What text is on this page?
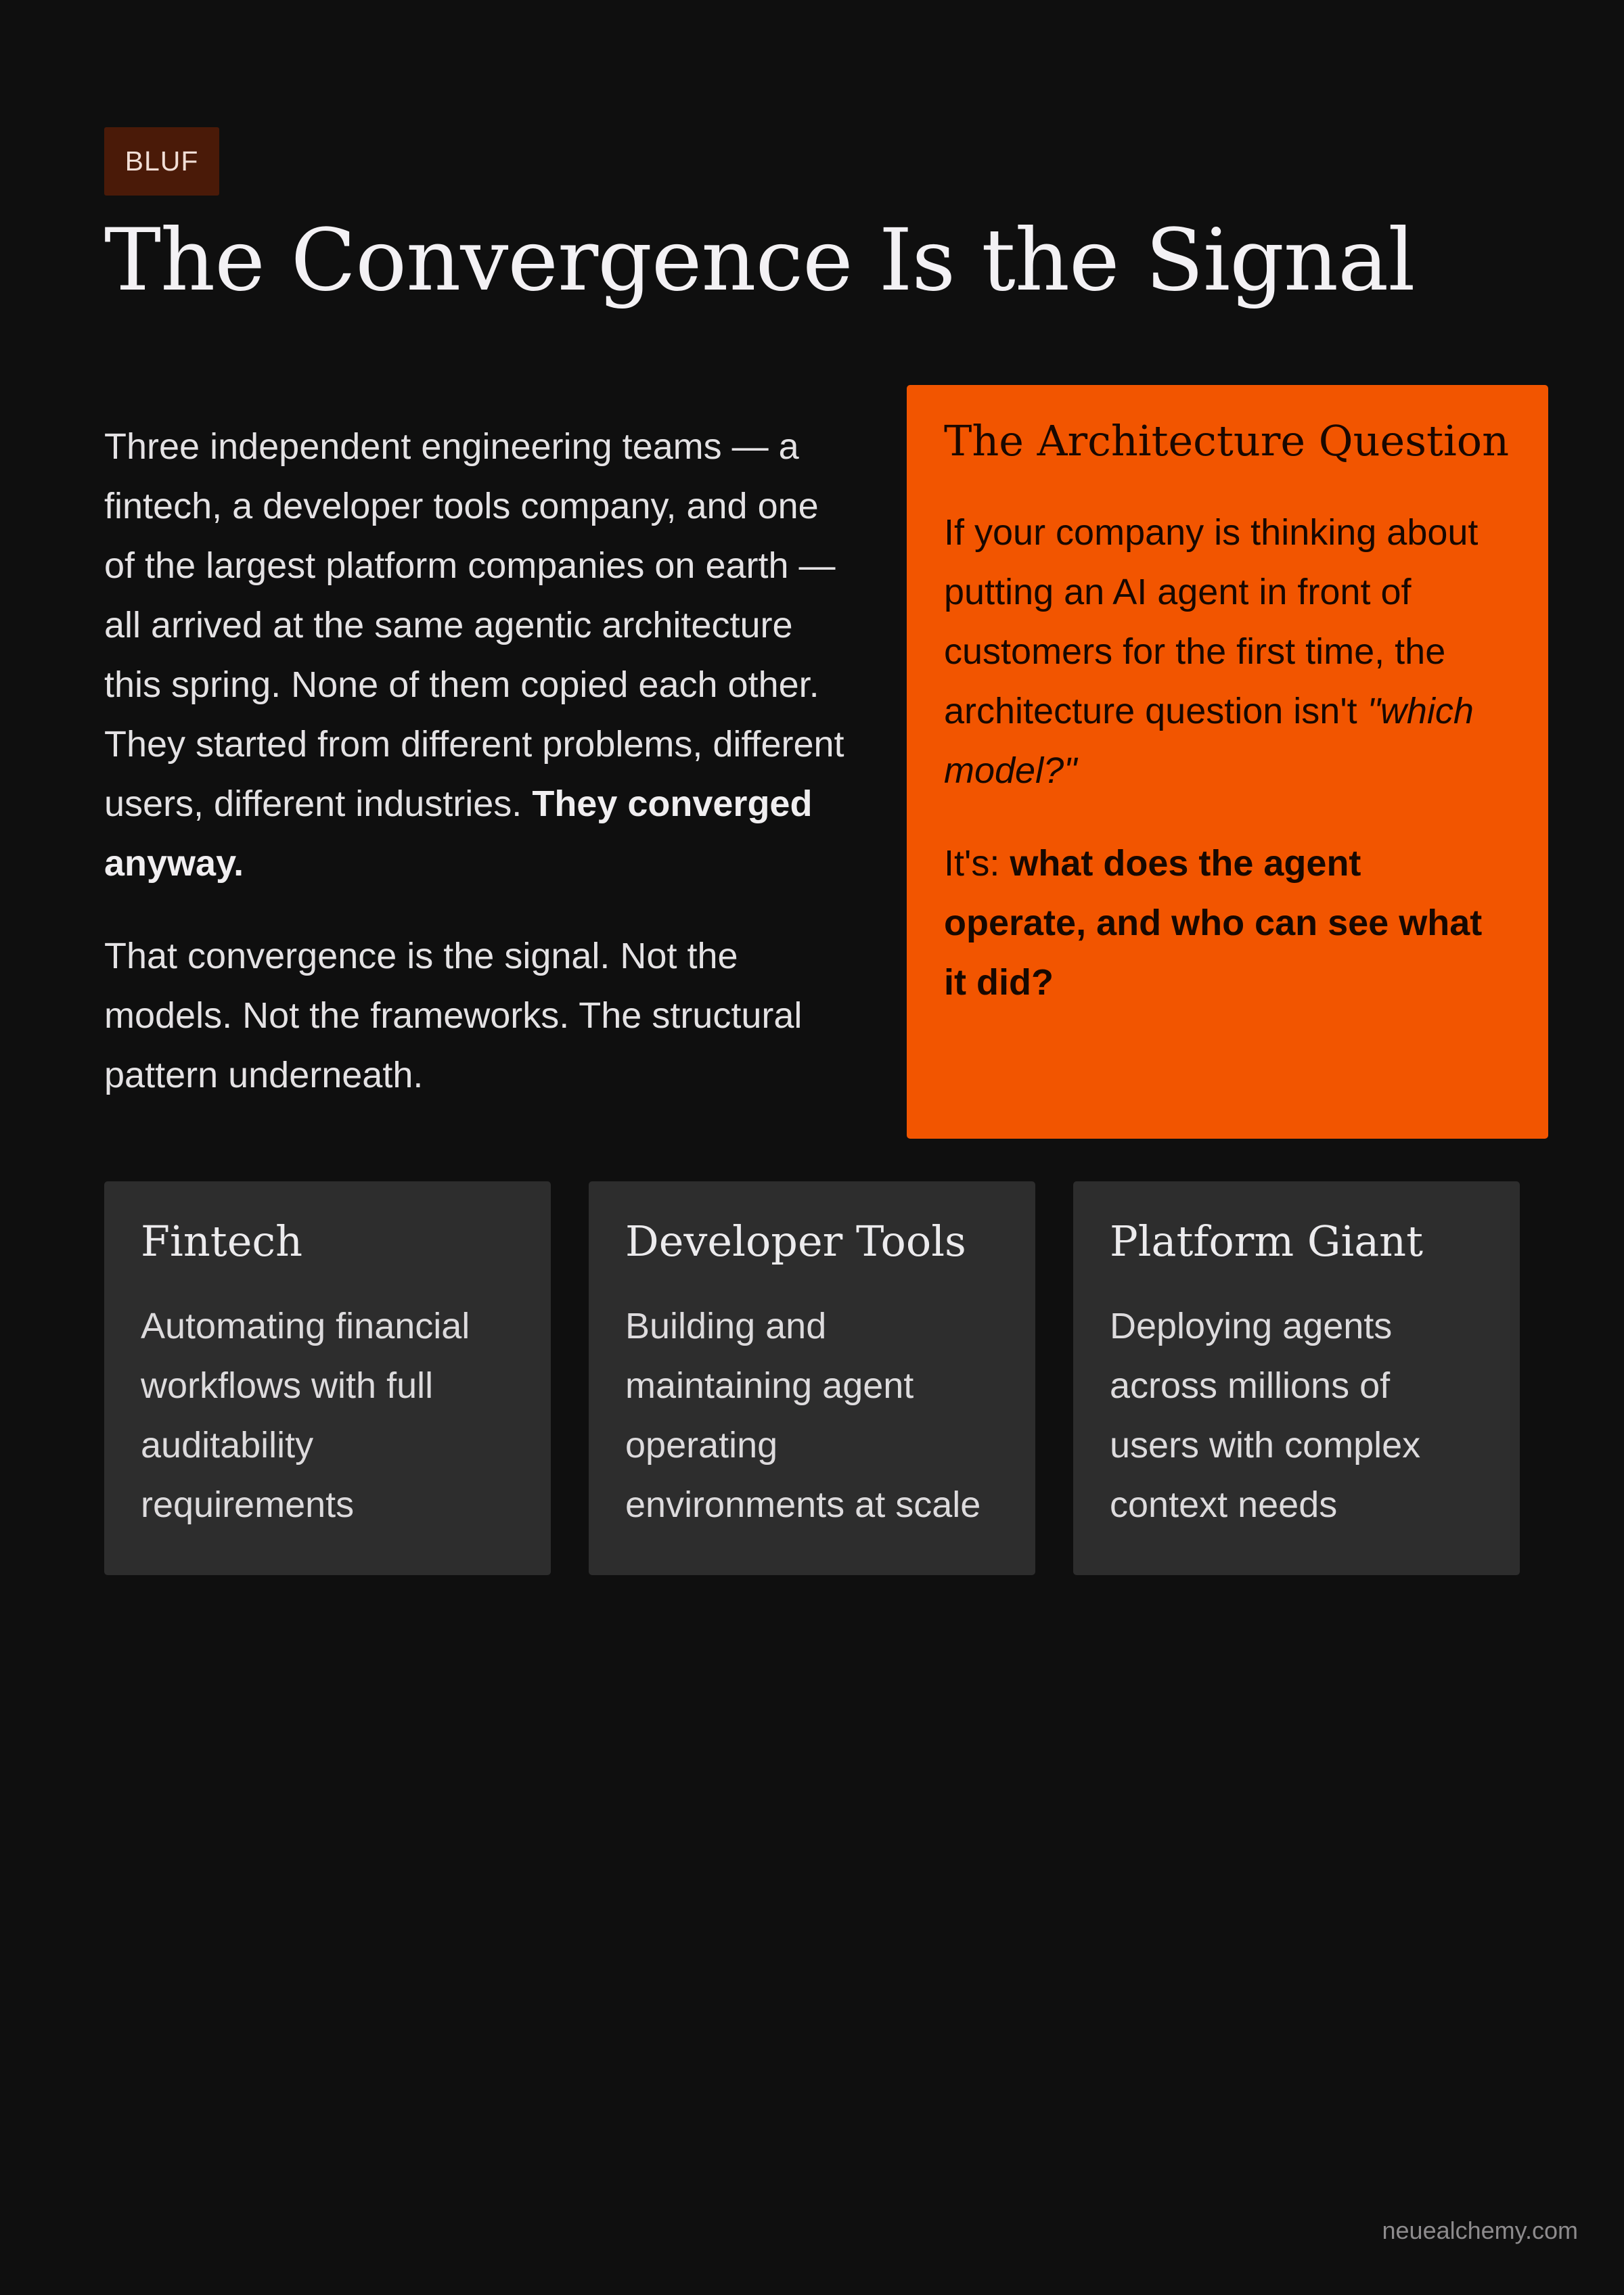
BLUF
The Convergence Is the Signal

Three independent engineering teams — a fintech, a developer tools company, and one of the largest platform companies on earth — all arrived at the same agentic architecture this spring. None of them copied each other. They started from different problems, different users, different industries. They converged anyway.

That convergence is the signal. Not the models. Not the frameworks. The structural pattern underneath.

The Architecture Question

If your company is thinking about putting an AI agent in front of customers for the first time, the architecture question isn't "which model?"

It's: what does the agent operate, and who can see what it did?

Fintech

Automating financial workflows with full auditability requirements

Developer Tools

Building and maintaining agent operating environments at scale

Platform Giant

Deploying agents across millions of users with complex context needs

neuealchemy.com
